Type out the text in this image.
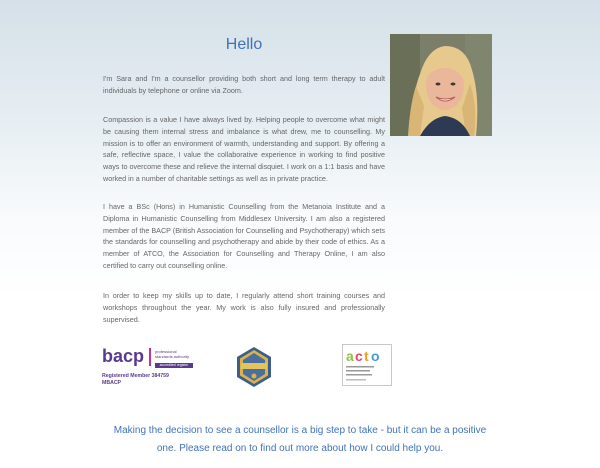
Hello
I'm Sara and I'm a counsellor providing both short and long term therapy to adult individuals by telephone or online via Zoom.
Compassion is a value I have always lived by. Helping people to overcome what might be causing them internal stress and imbalance is what drew, me to counselling. My mission is to offer an environment of warmth, understanding and support. By offering a safe, reflective space, I value the collaborative experience in working to find positive ways to overcome these and relieve the internal disquiet. I work on a 1:1 basis and have worked in a number of charitable settings as well as in private practice.
I have a BSc (Hons) in Humanistic Counselling from the Metanoia Institute and a Diploma in Humanistic Counselling from Middlesex University. I am also a registered member of the BACP (British Association for Counselling and Psychotherapy) which sets the standards for counselling and psychotherapy and abide by their code of ethics. As a member of ATCO, the Association for Counselling and Therapy Online, I am also certified to carry out counselling online.
In order to keep my skills up to date, I regularly attend short training courses and workshops throughout the year. My work is also fully insured and professionally supervised.
bacp	professional standards authority
accredited register
Registered Member 384759
MBACP
a c t o
Making the decision to see a counsellor is a big step to take - but it can be a positive
one. Please read on to find out more about how I could help you.
